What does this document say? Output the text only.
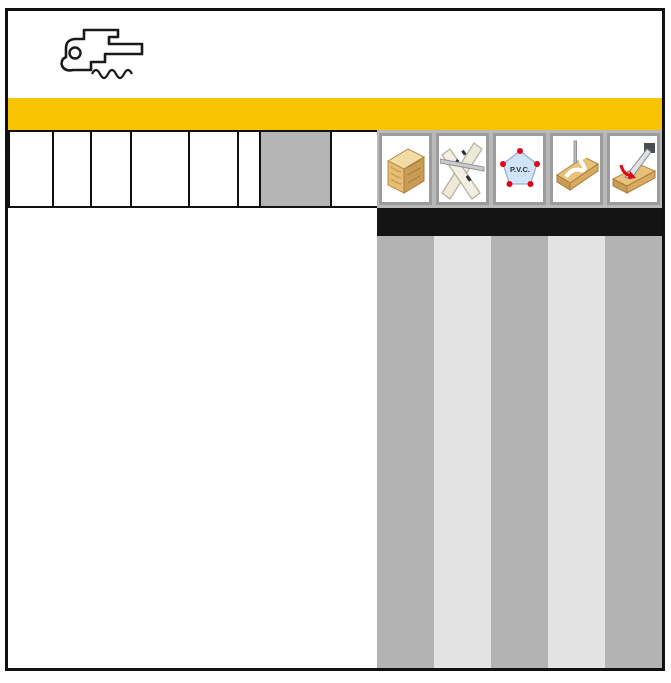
P.V.C.
